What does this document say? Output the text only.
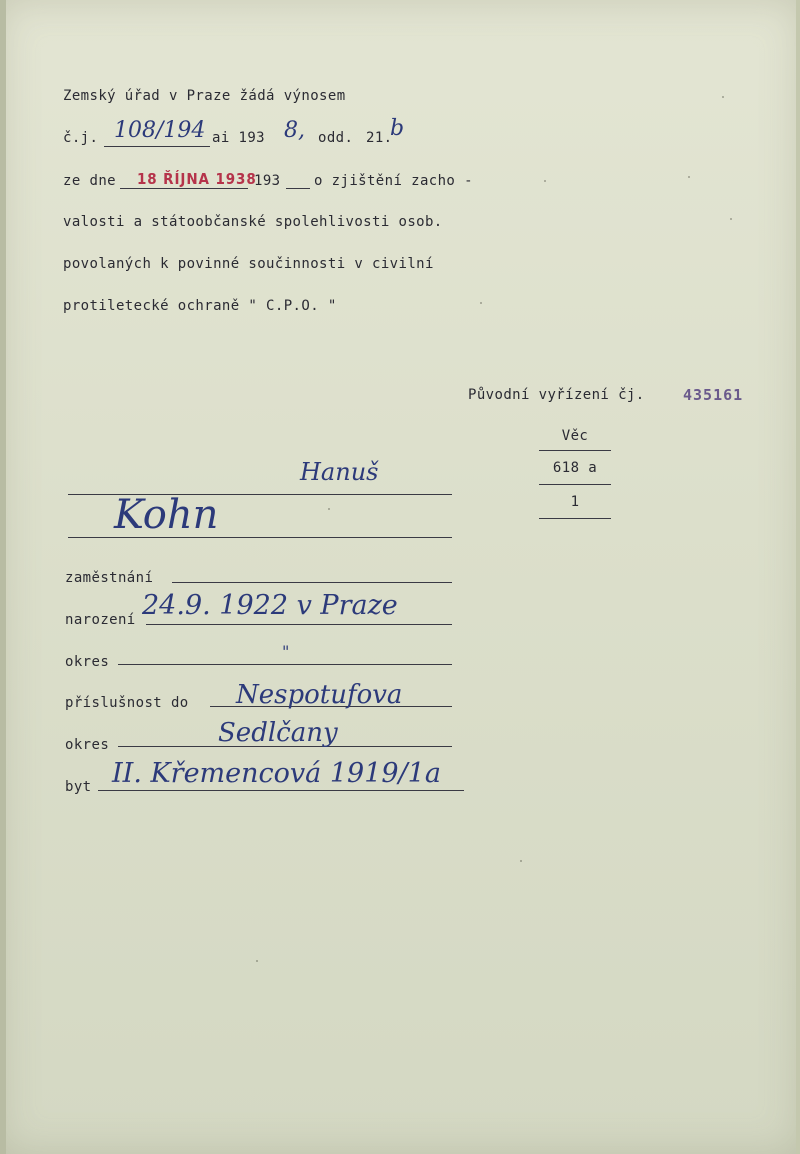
Zemský úřad v Praze žádá výnosem
č.j. 108/194 ai 193 8, odd. 21.
b
ze dne 18 ŘÍJNA 1938
193 o zjištění zacho -
valosti a státoobčanské spolehlivosti osob.
povolaných k povinné součinnosti v civilní
protiletecké ochraně " C.P.O. "
Původní vyřízení čj.	435161
Věc
618 a
1
Hanuš
Kohn
zaměstnání
narození 24.9. 1922 v Praze
okres
"
příslušnost do Nespotufova
okres	Sedlčany
byt II. Křemencová 1919/1a
